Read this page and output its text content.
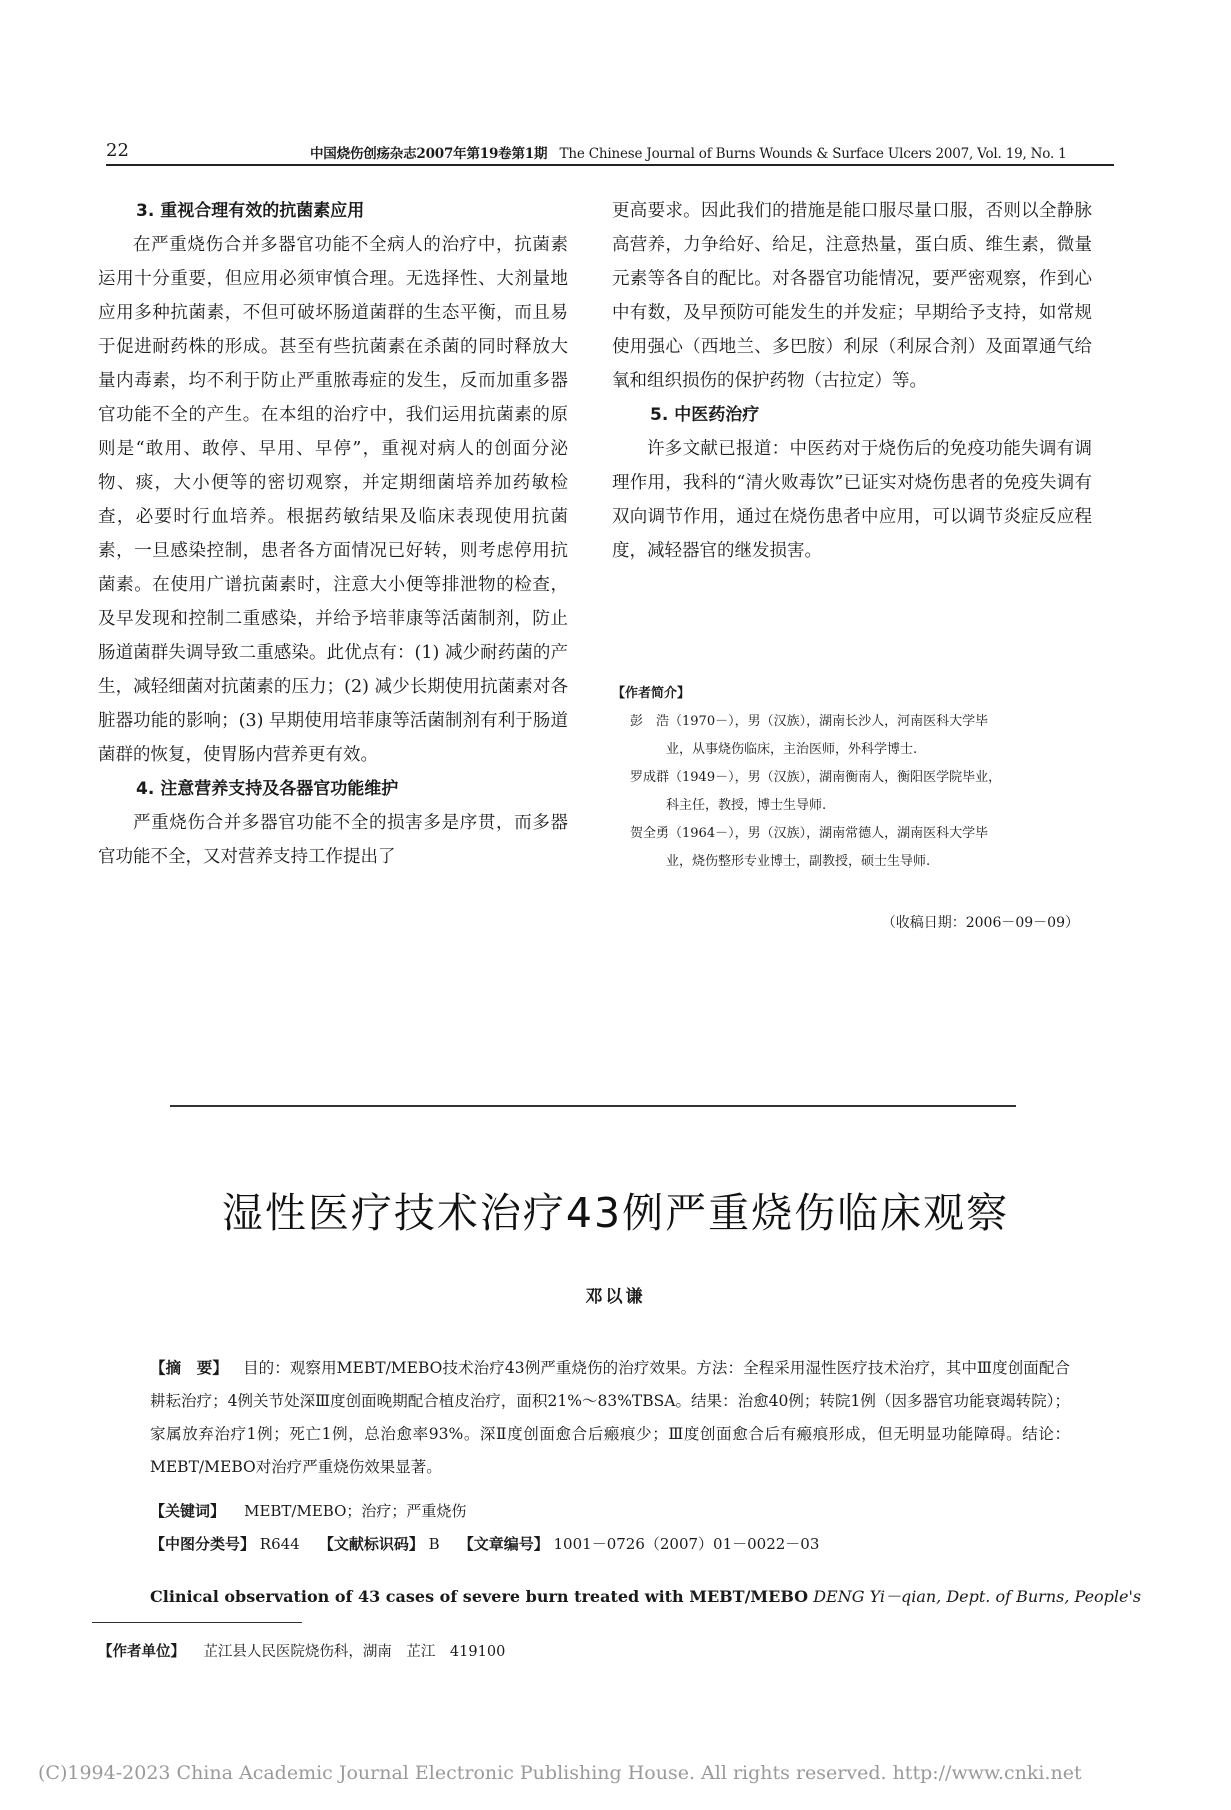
22	中国烧伤创疡杂志2007年第19卷第1期 The Chinese Journal of Burns Wounds & Surface Ulcers 2007, Vol. 19, No. 1
3. 重视合理有效的抗菌素应用

在严重烧伤合并多器官功能不全病人的治疗中，抗菌素运用十分重要，但应用必须审慎合理。无选择性、大剂量地应用多种抗菌素，不但可破坏肠道菌群的生态平衡，而且易于促进耐药株的形成。甚至有些抗菌素在杀菌的同时释放大量内毒素，均不利于防止严重脓毒症的发生，反而加重多器官功能不全的产生。在本组的治疗中，我们运用抗菌素的原则是“敢用、敢停、早用、早停”，重视对病人的创面分泌物、痰，大小便等的密切观察，并定期细菌培养加药敏检查，必要时行血培养。根据药敏结果及临床表现使用抗菌素，一旦感染控制，患者各方面情况已好转，则考虑停用抗菌素。在使用广谱抗菌素时，注意大小便等排泄物的检查，及早发现和控制二重感染，并给予培菲康等活菌制剂，防止肠道菌群失调导致二重感染。此优点有：(1) 减少耐药菌的产生，减轻细菌对抗菌素的压力；(2) 减少长期使用抗菌素对各脏器功能的影响；(3) 早期使用培菲康等活菌制剂有利于肠道菌群的恢复，使胃肠内营养更有效。

4. 注意营养支持及各器官功能维护

严重烧伤合并多器官功能不全的损害多是序贯，而多器官功能不全，又对营养支持工作提出了

更高要求。因此我们的措施是能口服尽量口服，否则以全静脉高营养，力争给好、给足，注意热量，蛋白质、维生素，微量元素等各自的配比。对各器官功能情况，要严密观察，作到心中有数，及早预防可能发生的并发症；早期给予支持，如常规使用强心（西地兰、多巴胺）利尿（利尿合剂）及面罩通气给氧和组织损伤的保护药物（古拉定）等。

5. 中医药治疗

许多文献已报道：中医药对于烧伤后的免疫功能失调有调理作用，我科的“清火败毒饮”已证实对烧伤患者的免疫失调有双向调节作用，通过在烧伤患者中应用，可以调节炎症反应程度，减轻器官的继发损害。

【作者简介】
彭　浩（1970－），男（汉族），湖南长沙人，河南医科大学毕
业，从事烧伤临床，主治医师，外科学博士.
罗成群（1949－），男（汉族），湖南衡南人，衡阳医学院毕业，
科主任，教授，博士生导师.
贺全勇（1964－），男（汉族），湖南常德人，湖南医科大学毕
业，烧伤整形专业博士，副教授，硕士生导师.
（收稿日期：2006－09－09）
湿性医疗技术治疗43例严重烧伤临床观察
邓以谦
【摘　要】 目的：观察用MEBT/MEBO技术治疗43例严重烧伤的治疗效果。方法：全程采用湿性医疗技术治疗，其中Ⅲ度创面配合耕耘治疗；4例关节处深Ⅲ度创面晚期配合植皮治疗，面积21%～83%TBSA。结果：治愈40例；转院1例（因多器官功能衰竭转院）；家属放弃治疗1例；死亡1例，总治愈率93%。深Ⅱ度创面愈合后瘢痕少；Ⅲ度创面愈合后有瘢痕形成，但无明显功能障碍。结论：MEBT/MEBO对治疗严重烧伤效果显著。
【关键词】 MEBT/MEBO；治疗；严重烧伤
【中图分类号】 R644 【文献标识码】 B 【文章编号】 1001－0726（2007）01－0022－03
Clinical observation of 43 cases of severe burn treated with MEBT/MEBO DENG Yi－qian, Dept. of Burns, People's
【作者单位】 芷江县人民医院烧伤科，湖南　芷江　419100
(C)1994-2023 China Academic Journal Electronic Publishing House. All rights reserved. http://www.cnki.net
